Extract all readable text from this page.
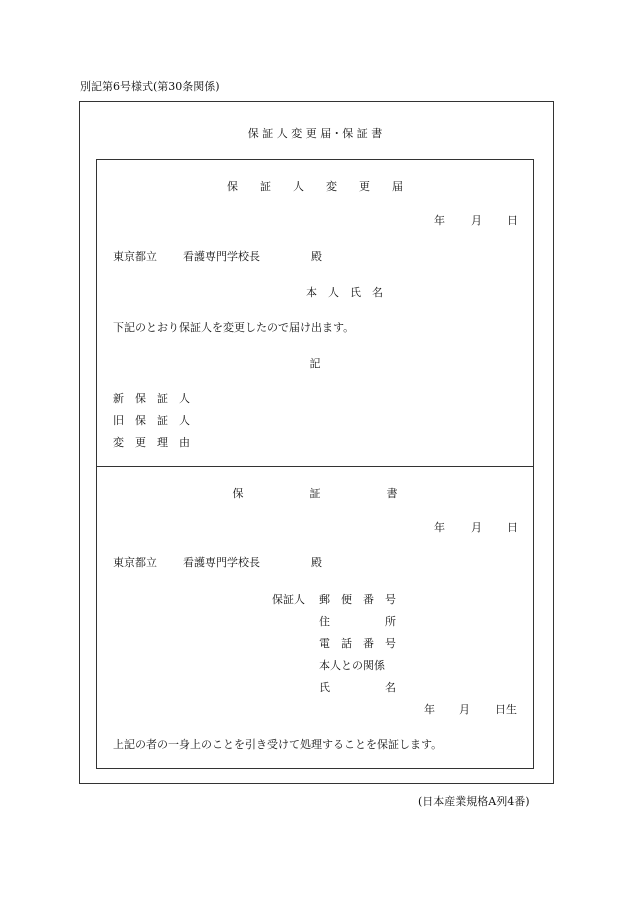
別記第6号様式(第30条関係)
保 証 人 変 更 届・保 証 書
保　　証　　人　　変　　更　　届
年 月 日
東京都立 看護専門学校長	殿
本　人　氏　名
下記のとおり保証人を変更したので届け出ます。
記
新　保　証　人
旧　保　証　人
変　更　理　由
保　　　　　　証　　　　　　書
年 月 日
東京都立 看護専門学校長	殿
保証人 郵　便　番　号
住　　　　　所
電　話　番　号
本人との関係
氏　　　　　名
年 月 日生
上記の者の一身上のことを引き受けて処理することを保証します。
(日本産業規格A列4番)
